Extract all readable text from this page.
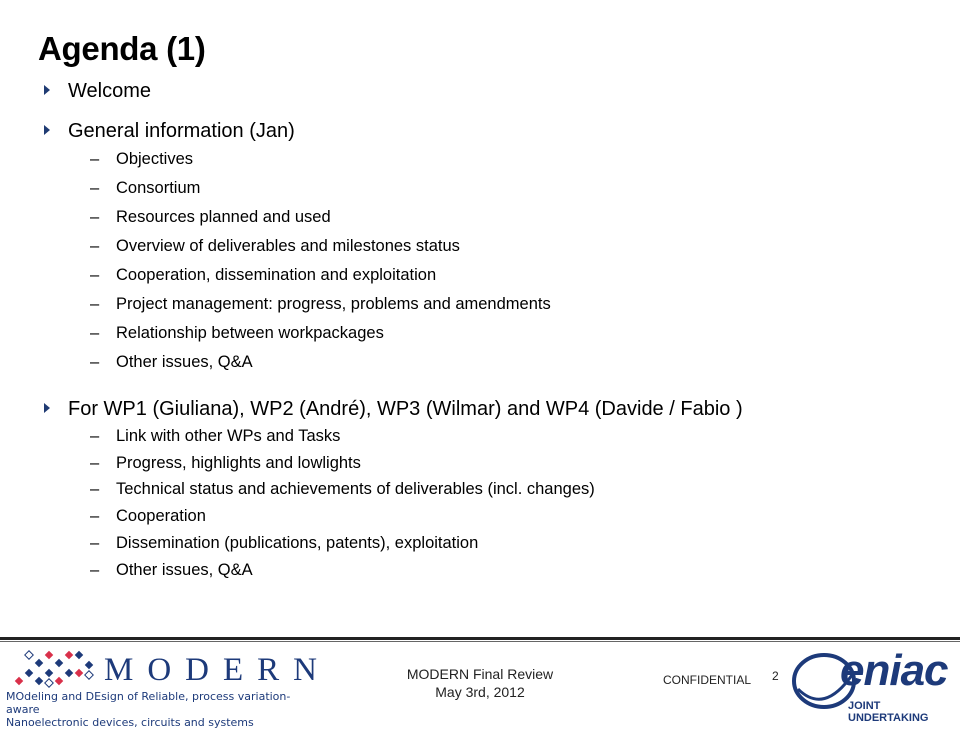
Agenda (1)
Welcome
General information (Jan)
– Objectives
– Consortium
– Resources planned and used
– Overview of deliverables and milestones status
– Cooperation, dissemination and exploitation
– Project management: progress, problems and amendments
– Relationship between workpackages
– Other issues, Q&A
For WP1 (Giuliana), WP2 (André), WP3 (Wilmar) and WP4 (Davide / Fabio )
– Link with other WPs and Tasks
– Progress, highlights and lowlights
– Technical status and achievements of deliverables (incl. changes)
– Cooperation
– Dissemination (publications, patents), exploitation
– Other issues, Q&A
MODERN
MOdeling and DEsign of Reliable, process variation-aware
Nanoelectronic devices, circuits and systems
MODERN Final Review
May 3rd, 2012
CONFIDENTIAL 2 eniac
JOINT UNDERTAKING
